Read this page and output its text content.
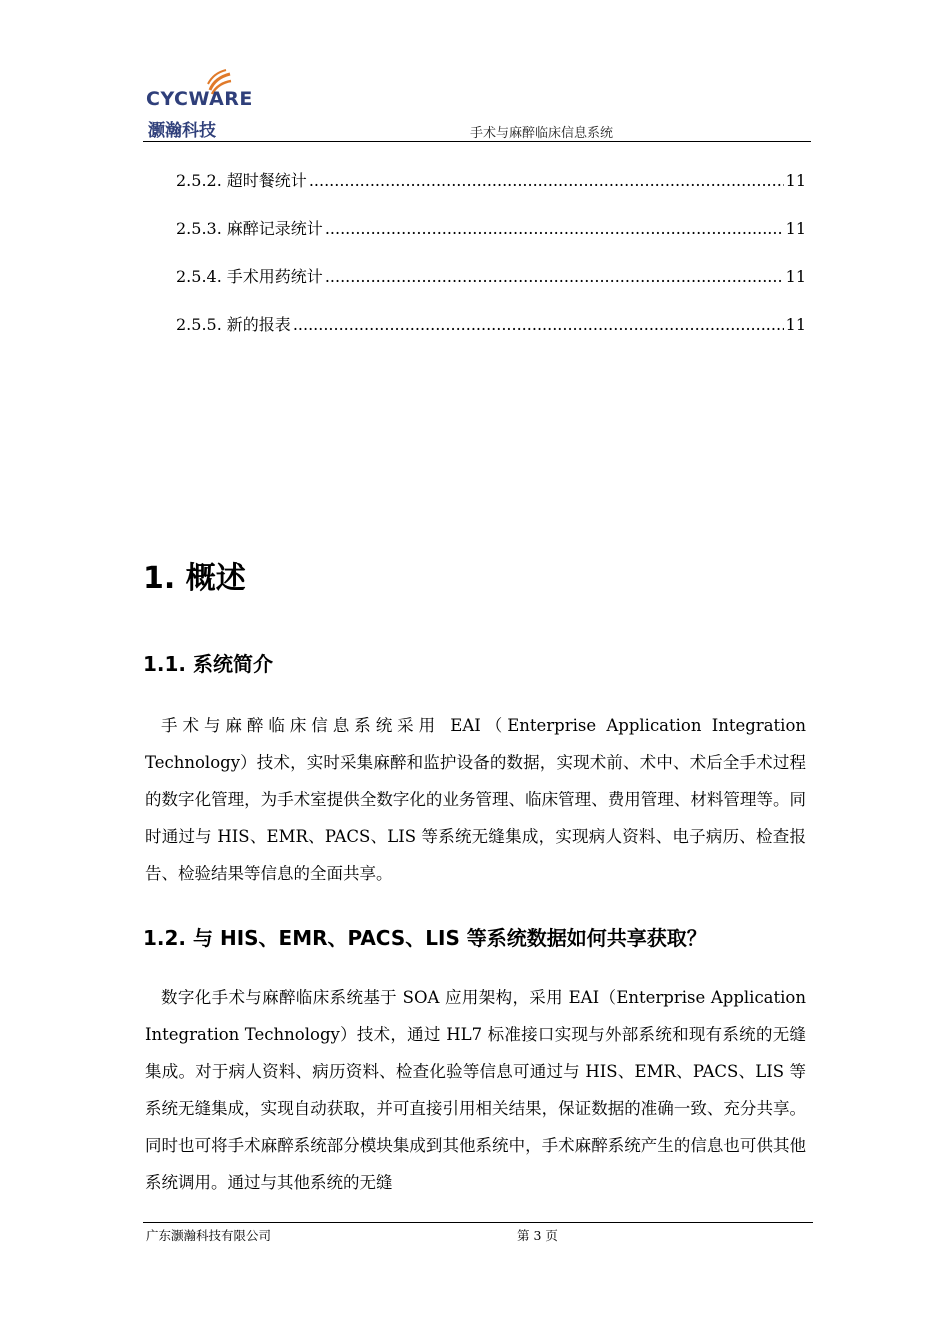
CYCWARE
灏瀚科技	手术与麻醉临床信息系统
2.5.2. 超时餐统计 .....	11
2.5.3. 麻醉记录统计 .....	11
2.5.4. 手术用药统计 .....	11
2.5.5. 新的报表 .....	11
1. 概述
1.1. 系统简介
手术与麻醉临床信息系统采用 EAI（Enterprise Application Integration Technology）技术，实时采集麻醉和监护设备的数据，实现术前、术中、术后全手术过程的数字化管理，为手术室提供全数字化的业务管理、临床管理、费用管理、材料管理等。同时通过与 HIS、EMR、PACS、LIS 等系统无缝集成，实现病人资料、电子病历、检查报告、检验结果等信息的全面共享。
1.2. 与 HIS、EMR、PACS、LIS 等系统数据如何共享获取？
数字化手术与麻醉临床系统基于 SOA 应用架构，采用 EAI（Enterprise Application Integration Technology）技术，通过 HL7 标准接口实现与外部系统和现有系统的无缝集成。对于病人资料、病历资料、检查化验等信息可通过与 HIS、EMR、PACS、LIS 等系统无缝集成，实现自动获取，并可直接引用相关结果，保证数据的准确一致、充分共享。同时也可将手术麻醉系统部分模块集成到其他系统中，手术麻醉系统产生的信息也可供其他系统调用。通过与其他系统的无缝
广东灏瀚科技有限公司	第 3 页
